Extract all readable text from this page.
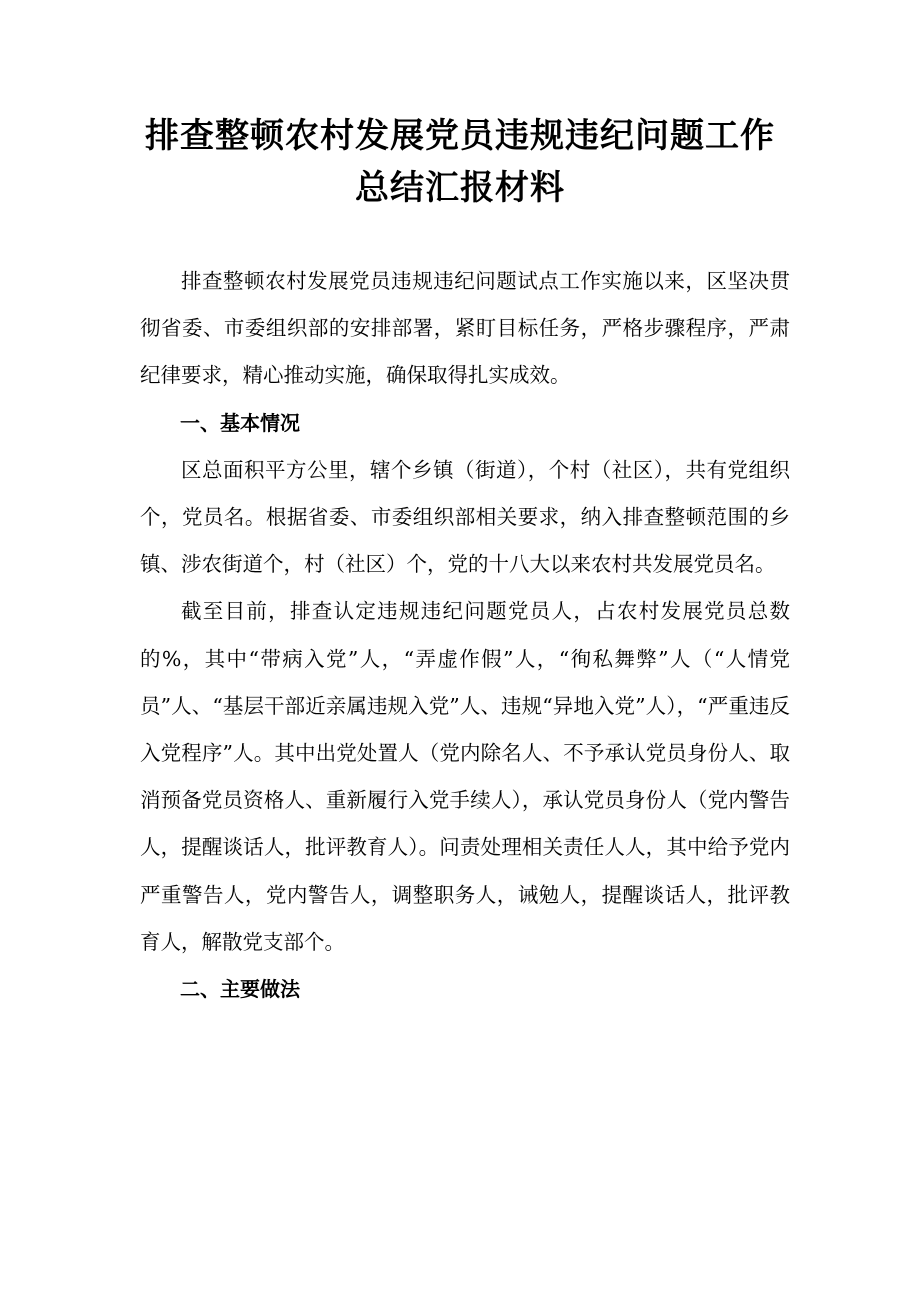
排查整顿农村发展党员违规违纪问题工作
总结汇报材料

排查整顿农村发展党员违规违纪问题试点工作实施以来，区坚决贯彻省委、市委组织部的安排部署，紧盯目标任务，严格步骤程序，严肃纪律要求，精心推动实施，确保取得扎实成效。

一、基本情况

区总面积平方公里，辖个乡镇（街道），个村（社区），共有党组织个，党员名。根据省委、市委组织部相关要求，纳入排查整顿范围的乡镇、涉农街道个，村（社区）个，党的十八大以来农村共发展党员名。

截至目前，排查认定违规违纪问题党员人，占农村发展党员总数的%，其中“带病入党”人，“弄虚作假”人，“徇私舞弊”人（“人情党员”人、“基层干部近亲属违规入党”人、违规“异地入党”人），“严重违反入党程序”人。其中出党处置人（党内除名人、不予承认党员身份人、取消预备党员资格人、重新履行入党手续人），承认党员身份人（党内警告人，提醒谈话人，批评教育人）。问责处理相关责任人人，其中给予党内严重警告人，党内警告人，调整职务人，诫勉人，提醒谈话人，批评教育人，解散党支部个。

二、主要做法
